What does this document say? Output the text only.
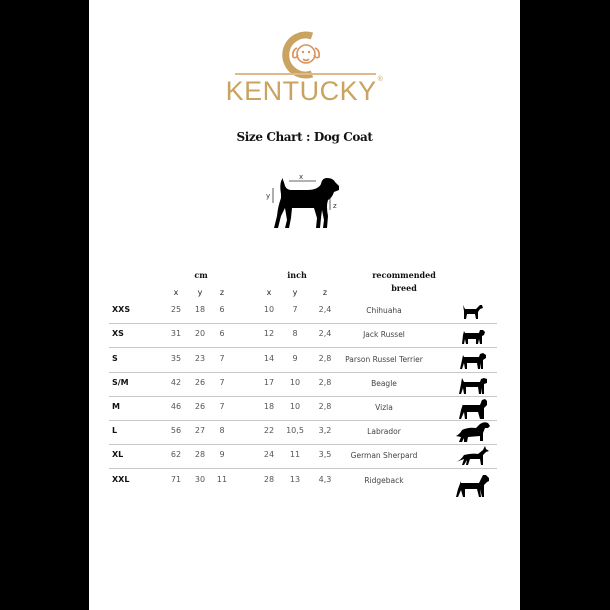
KENTUCKY®
Size Chart : Dog Coat
x
y
z
cm	inch	recommended
breed
x	y	z	x	y	z
XXS	25	18	6	10	7	2,4	Chihuaha
XS	31	20	6	12	8	2,4	Jack Russel
S	35	23	7	14	9	2,8	Parson Russel Terrier
S/M	42	26	7	17	10	2,8	Beagle
M	46	26	7	18	10	2,8	Vizla
L	56	27	8	22	10,5	3,2	Labrador
XL	62	28	9	24	11	3,5	German Sherpard
XXL	71	30	11	28	13	4,3	Ridgeback
